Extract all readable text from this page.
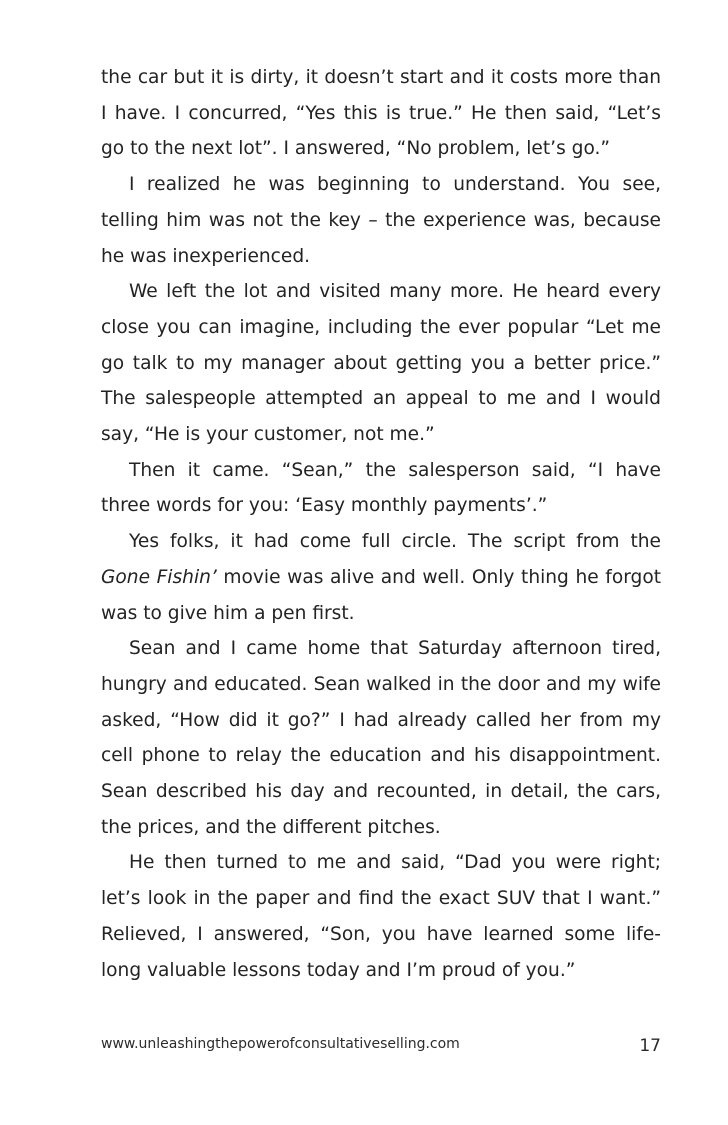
the car but it is dirty, it doesn’t start and it costs more than I have. I concurred, “Yes this is true.” He then said, “Let’s go to the next lot”. I answered, “No problem, let’s go.”

I realized he was beginning to understand. You see, telling him was not the key – the experience was, because he was inexperienced.

We left the lot and visited many more. He heard every close you can imagine, including the ever popular “Let me go talk to my manager about getting you a better price.” The salespeople attempted an appeal to me and I would say, “He is your customer, not me.”

Then it came. “Sean,” the salesperson said, “I have three words for you: ‘Easy monthly payments’.”

Yes folks, it had come full circle. The script from the Gone Fishin’ movie was alive and well. Only thing he forgot was to give him a pen first.

Sean and I came home that Saturday afternoon tired, hungry and educated. Sean walked in the door and my wife asked, “How did it go?” I had already called her from my cell phone to relay the education and his disappointment. Sean described his day and recounted, in detail, the cars, the prices, and the different pitches.

He then turned to me and said, “Dad you were right; let’s look in the paper and find the exact SUV that I want.” Relieved, I answered, “Son, you have learned some life-long valuable lessons today and I’m proud of you.”

www.unleashingthepowerofconsultativeselling.com	17
